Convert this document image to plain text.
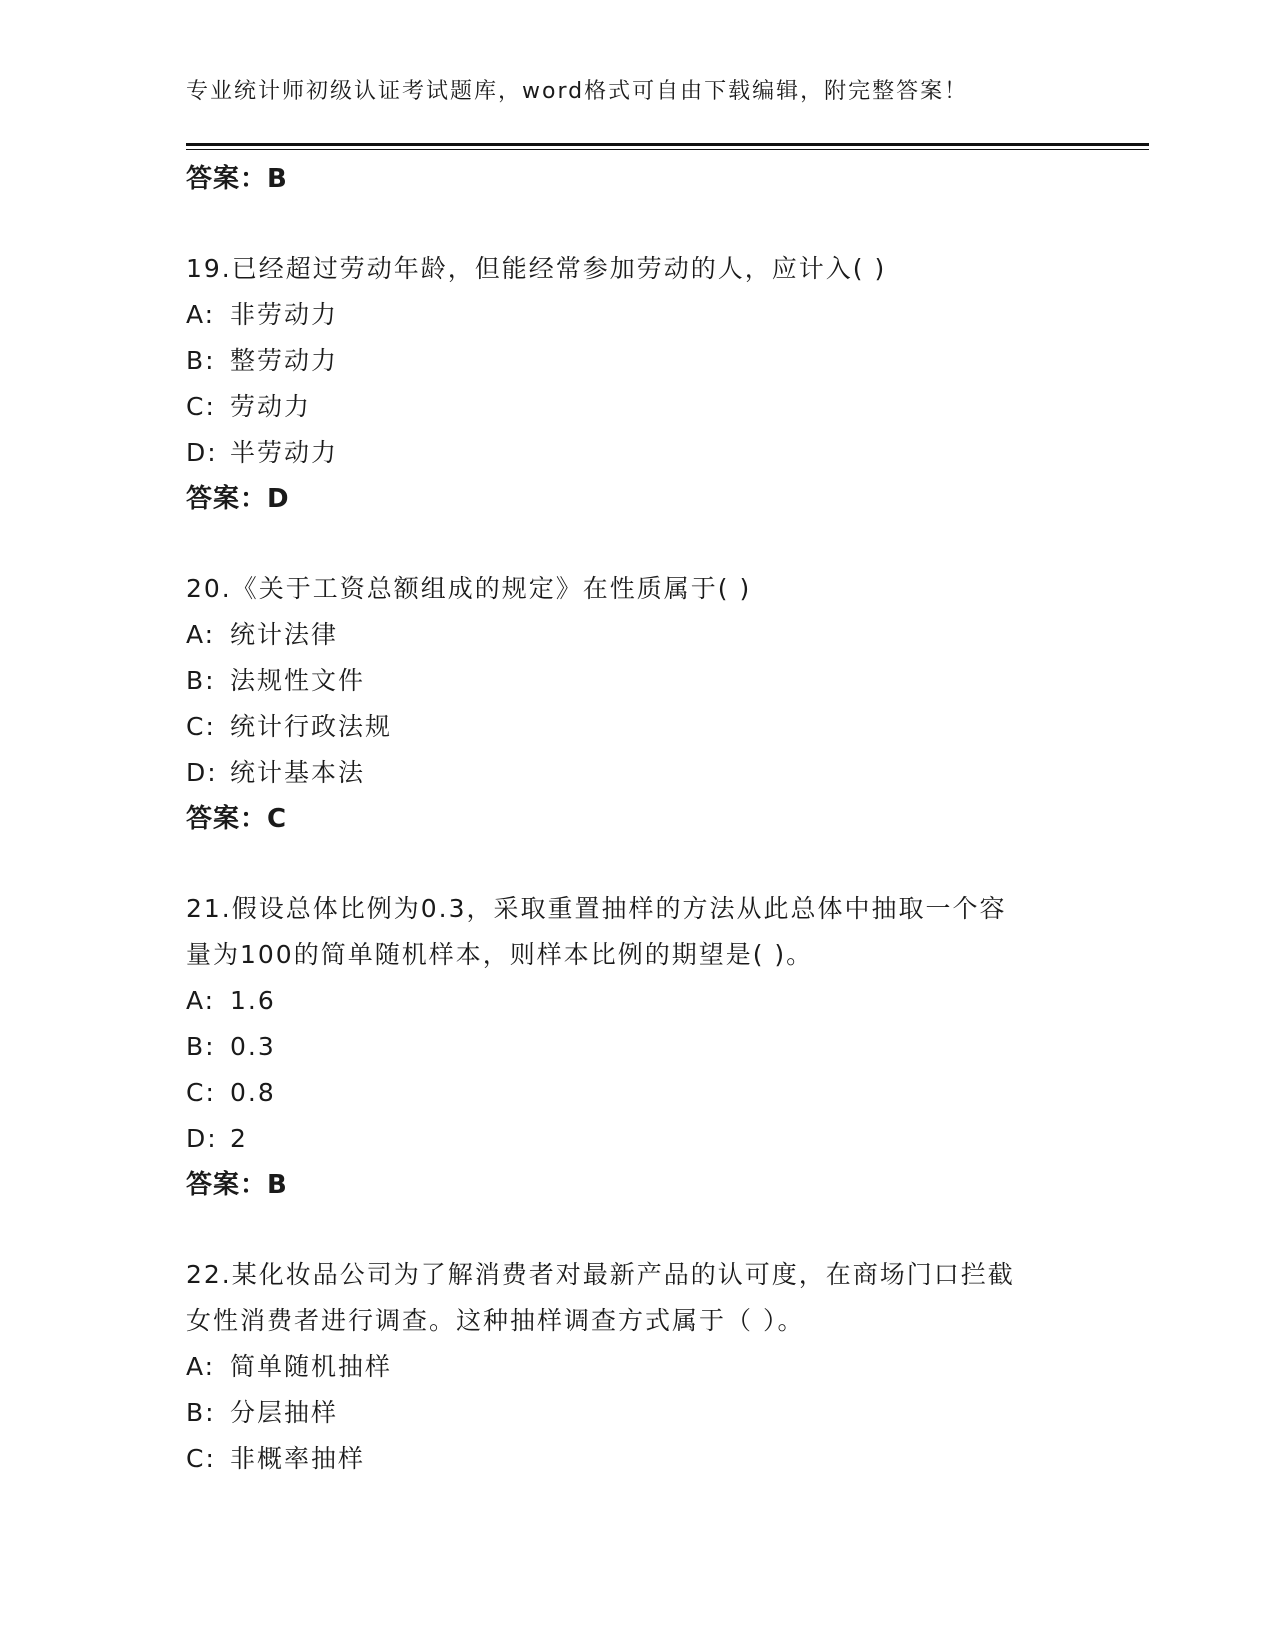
专业统计师初级认证考试题库，word格式可自由下载编辑，附完整答案！
答案：B
19.已经超过劳动年龄，但能经常参加劳动的人，应计入( )
A: 非劳动力
B: 整劳动力
C: 劳动力
D: 半劳动力
答案：D
20.《关于工资总额组成的规定》在性质属于( )
A: 统计法律
B: 法规性文件
C: 统计行政法规
D: 统计基本法
答案：C
21.假设总体比例为0.3，采取重置抽样的方法从此总体中抽取一个容
量为100的简单随机样本，则样本比例的期望是( )。
A: 1.6
B: 0.3
C: 0.8
D: 2
答案：B
22.某化妆品公司为了解消费者对最新产品的认可度，在商场门口拦截
女性消费者进行调查。这种抽样调查方式属于（ ）。
A: 简单随机抽样
B: 分层抽样
C: 非概率抽样
